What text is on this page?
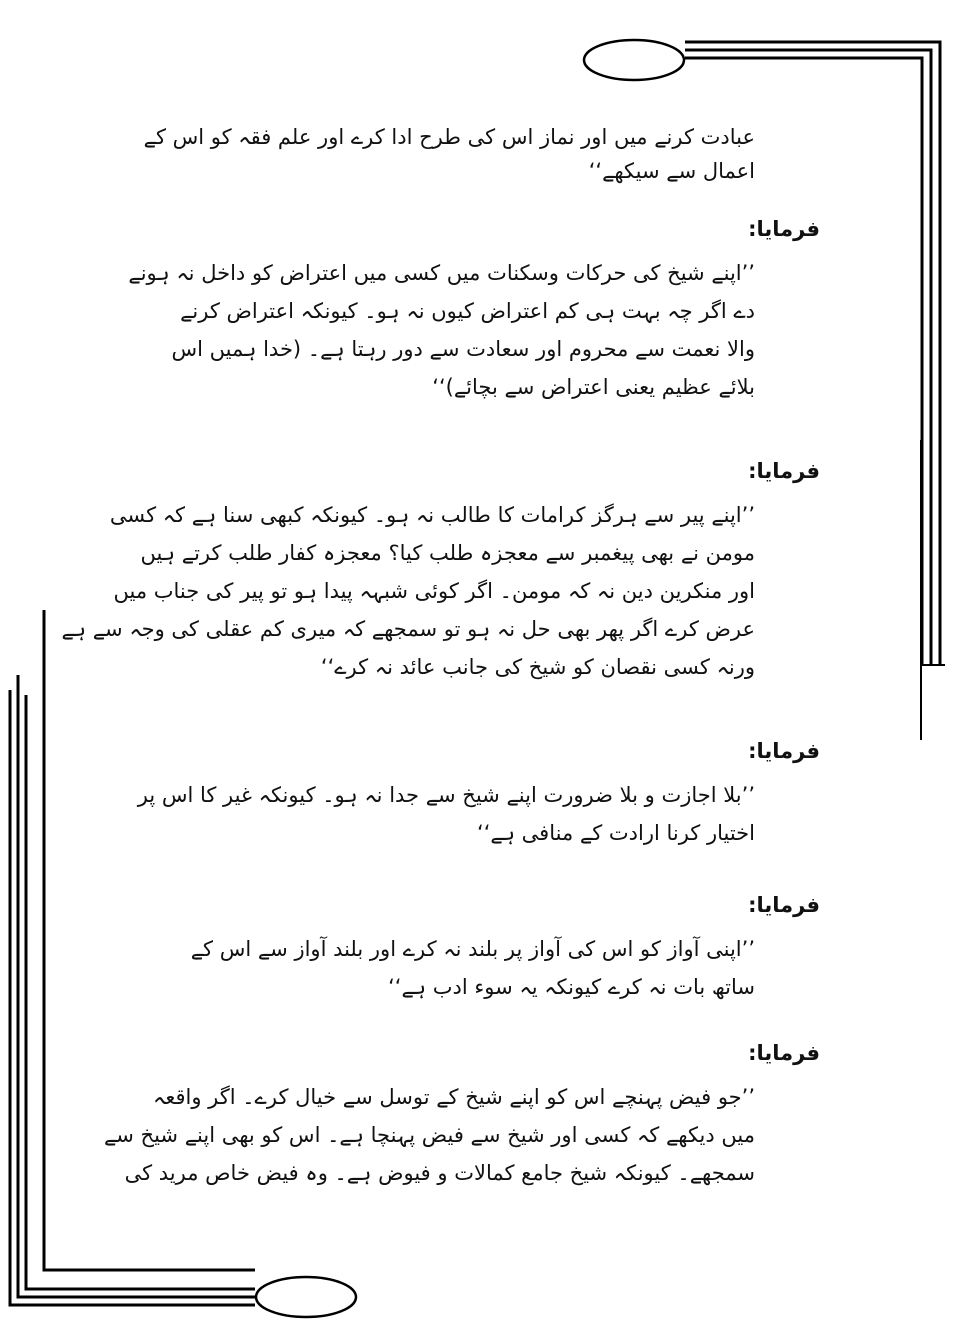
عبادت کرنے میں اور نماز اس کی طرح ادا کرے اور علم فقہ کو اس کے
اعمال سے سیکھے‘‘
فرمایا:
’’اپنے شیخ کی حرکات وسکنات میں کسی میں اعتراض کو داخل نہ ہونے
دے اگر چہ بہت ہی کم اعتراض کیوں نہ ہو۔ کیونکہ اعتراض کرنے
والا نعمت سے محروم اور سعادت سے دور رہتا ہے۔ (خدا ہمیں اس
بلائے عظیم یعنی اعتراض سے بچائے)‘‘
فرمایا:
’’اپنے پیر سے ہرگز کرامات کا طالب نہ ہو۔ کیونکہ کبھی سنا ہے کہ کسی
مومن نے بھی پیغمبر سے معجزہ طلب کیا؟ معجزہ کفار طلب کرتے ہیں
اور منکرین دین نہ کہ مومن۔ اگر کوئی شبہہ پیدا ہو تو پیر کی جناب میں
عرض کرے اگر پھر بھی حل نہ ہو تو سمجھے کہ میری کم عقلی کی وجہ سے ہے
ورنہ کسی نقصان کو شیخ کی جانب عائد نہ کرے‘‘
فرمایا:
’’بلا اجازت و بلا ضرورت اپنے شیخ سے جدا نہ ہو۔ کیونکہ غیر کا اس پر
اختیار کرنا ارادت کے منافی ہے‘‘
فرمایا:
’’اپنی آواز کو اس کی آواز پر بلند نہ کرے اور بلند آواز سے اس کے
ساتھ بات نہ کرے کیونکہ یہ سوء ادب ہے‘‘
فرمایا:
’’جو فیض پہنچے اس کو اپنے شیخ کے توسل سے خیال کرے۔ اگر واقعہ
میں دیکھے کہ کسی اور شیخ سے فیض پہنچا ہے۔ اس کو بھی اپنے شیخ سے
سمجھے۔ کیونکہ شیخ جامع کمالات و فیوض ہے۔ وہ فیض خاص مرید کی
